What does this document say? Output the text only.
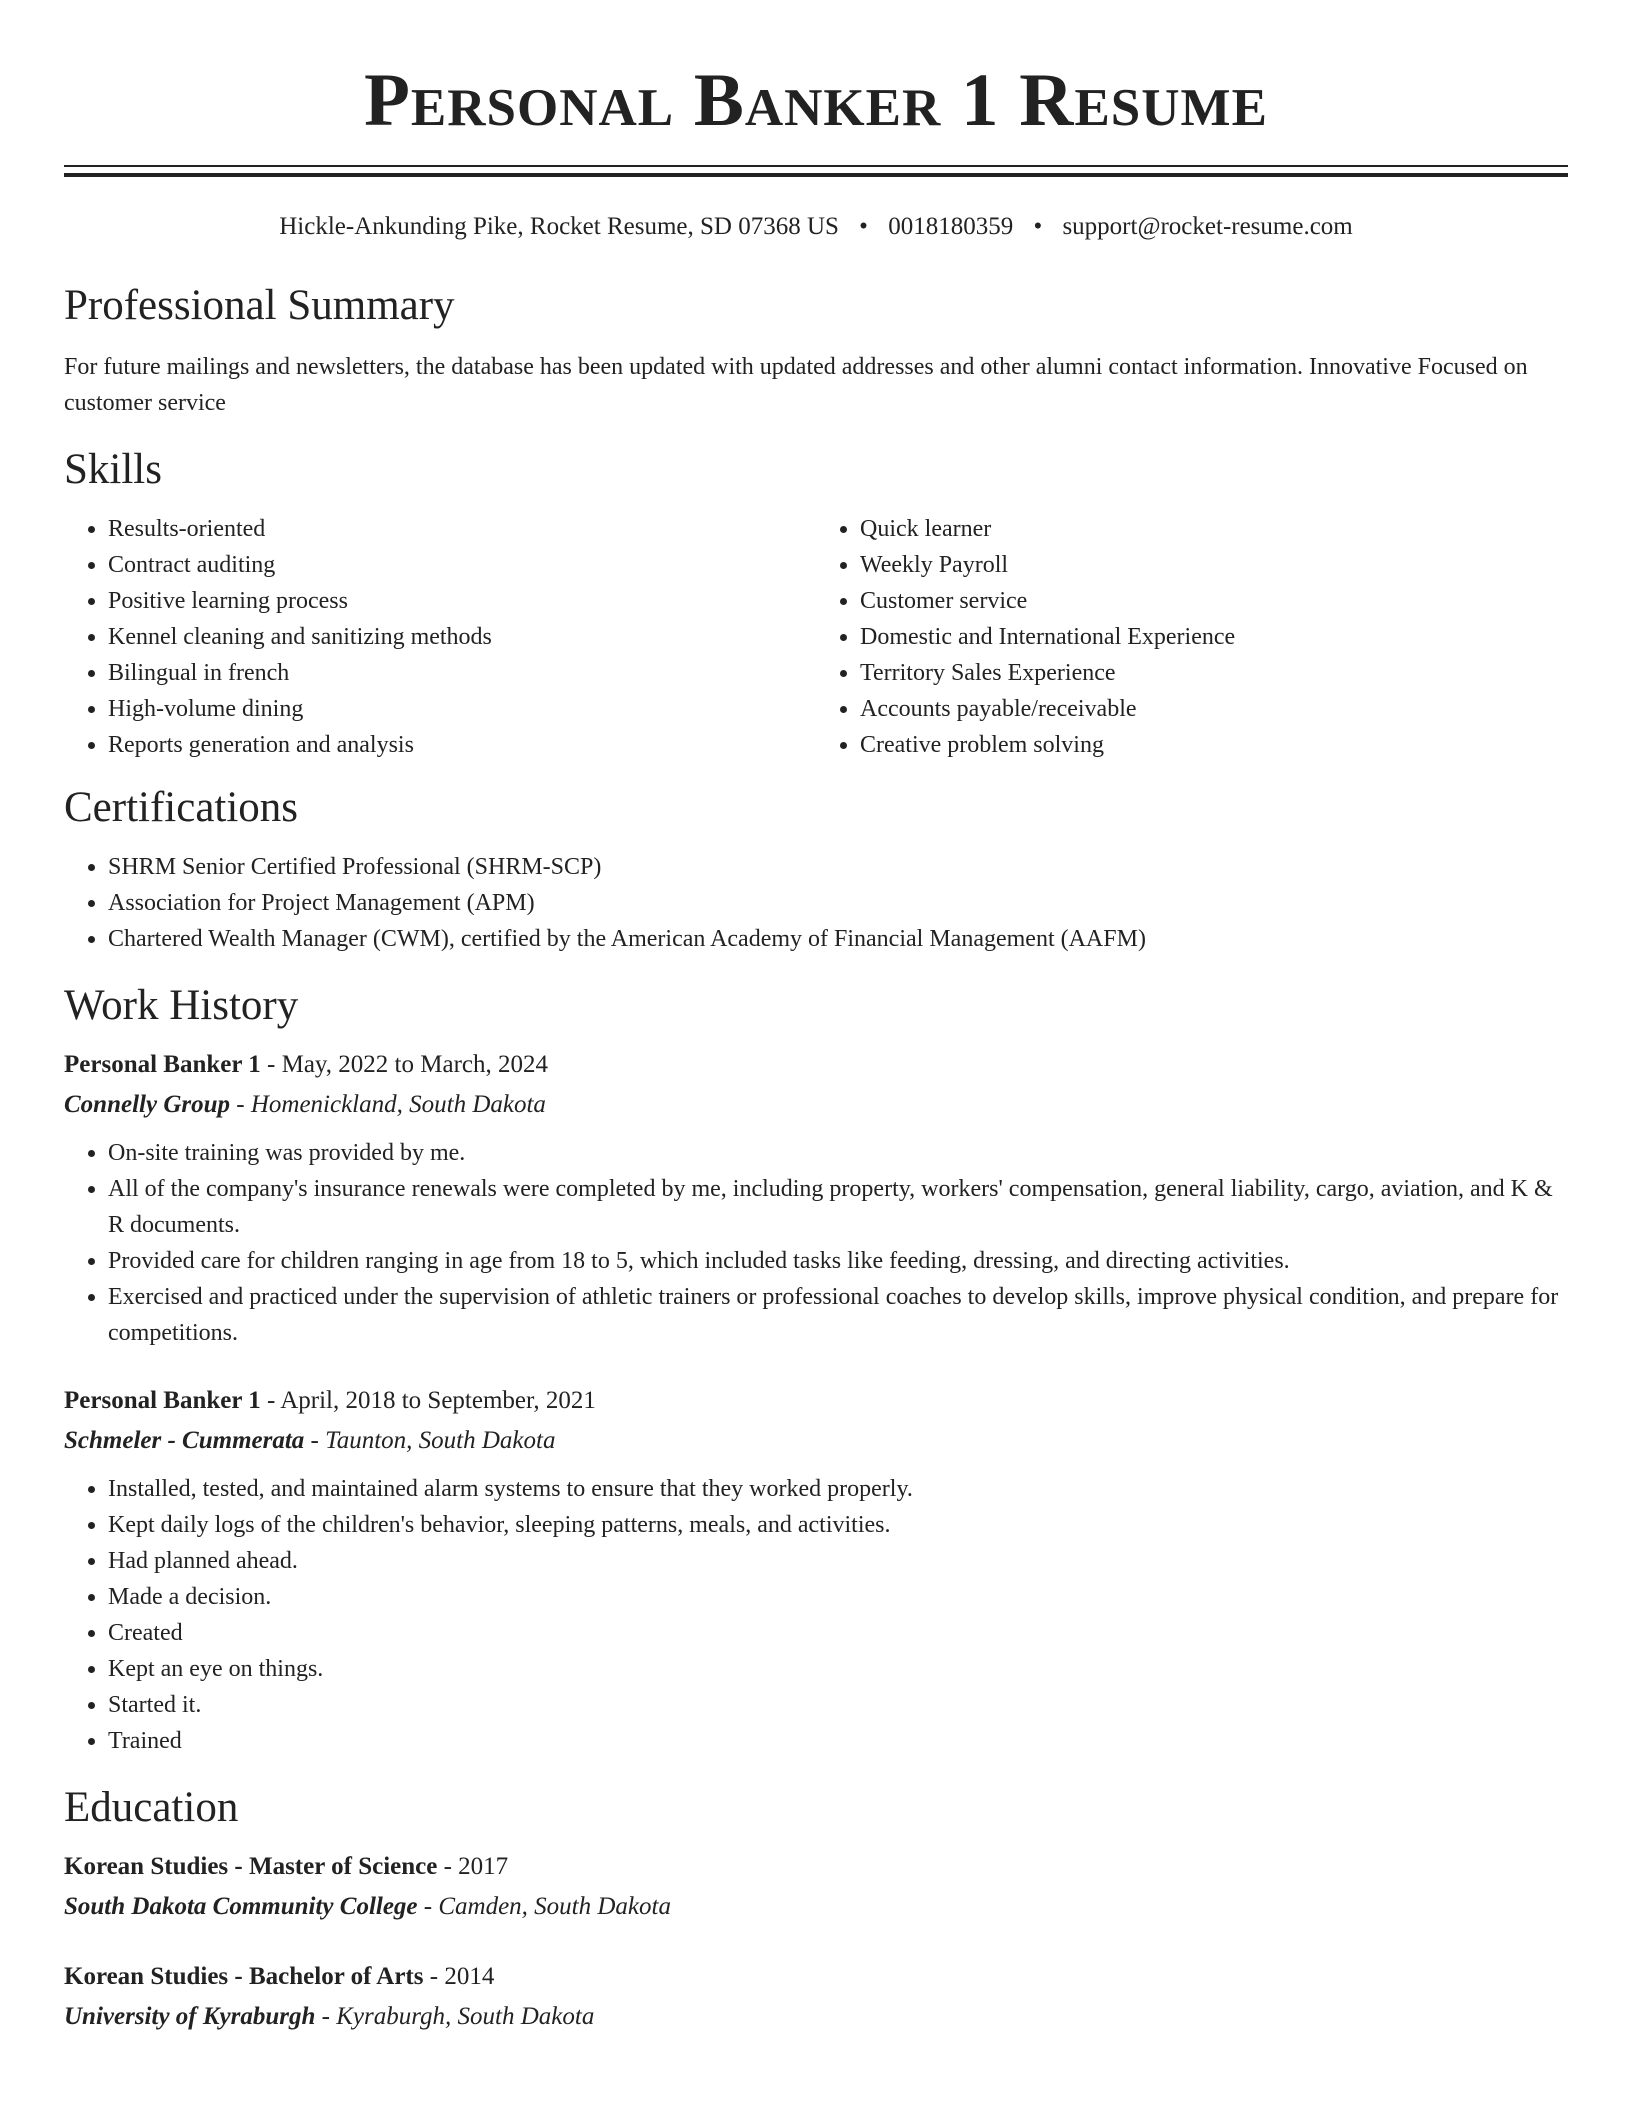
Personal Banker 1 Resume
Hickle-Ankunding Pike, Rocket Resume, SD 07368 US • 0018180359 • support@rocket-resume.com
Professional Summary

For future mailings and newsletters, the database has been updated with updated addresses and other alumni contact information. Innovative Focused on customer service

Skills
• Results-oriented
• Contract auditing
• Positive learning process
• Kennel cleaning and sanitizing methods
• Bilingual in french
• High-volume dining
• Reports generation and analysis
• Quick learner
• Weekly Payroll
• Customer service
• Domestic and International Experience
• Territory Sales Experience
• Accounts payable/receivable
• Creative problem solving
Certifications
• SHRM Senior Certified Professional (SHRM-SCP)
• Association for Project Management (APM)
• Chartered Wealth Manager (CWM), certified by the American Academy of Financial Management (AAFM)
Work History
Personal Banker 1 - May, 2022 to March, 2024
Connelly Group - Homenickland, South Dakota
• On-site training was provided by me.
• All of the company's insurance renewals were completed by me, including property, workers' compensation, general liability, cargo, aviation, and K & R documents.
• Provided care for children ranging in age from 18 to 5, which included tasks like feeding, dressing, and directing activities.
• Exercised and practiced under the supervision of athletic trainers or professional coaches to develop skills, improve physical condition, and prepare for competitions.
Personal Banker 1 - April, 2018 to September, 2021
Schmeler - Cummerata - Taunton, South Dakota
• Installed, tested, and maintained alarm systems to ensure that they worked properly.
• Kept daily logs of the children's behavior, sleeping patterns, meals, and activities.
• Had planned ahead.
• Made a decision.
• Created
• Kept an eye on things.
• Started it.
• Trained
Education
Korean Studies - Master of Science - 2017
South Dakota Community College - Camden, South Dakota
Korean Studies - Bachelor of Arts - 2014
University of Kyraburgh - Kyraburgh, South Dakota
